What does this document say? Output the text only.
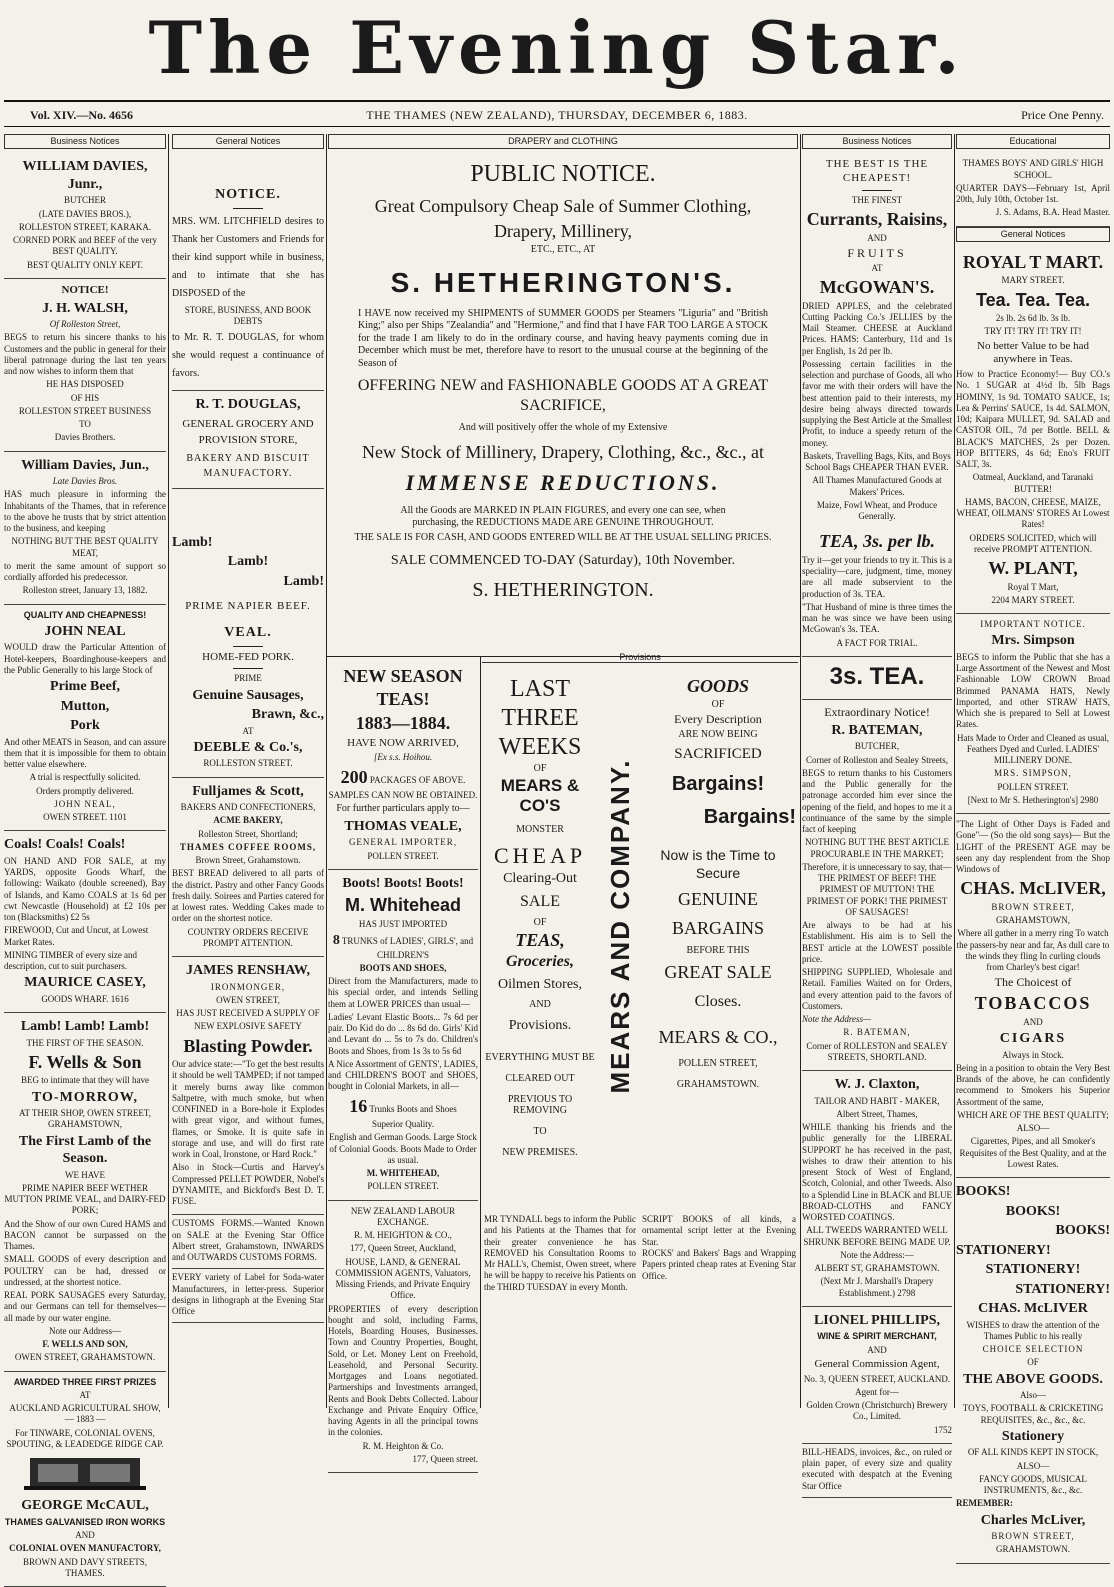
The Evening Star.
Vol. XIV.—No. 4656	THE THAMES (NEW ZEALAND), THURSDAY, DECEMBER 6, 1883.	Price One Penny.
Business Notices

WILLIAM DAVIES, Junr.,

BUTCHER

(LATE DAVIES BROS.),

ROLLESTON STREET, KARAKA.

CORNED PORK and BEEF of the very BEST QUALITY.

BEST QUALITY ONLY KEPT.

NOTICE!

J. H. WALSH,

Of Rolleston Street,

BEGS to return his sincere thanks to his Customers and the public in general for their liberal patronage during the last ten years and now wishes to inform them that

HE HAS DISPOSED

OF HIS

ROLLESTON STREET BUSINESS

TO

Davies Brothers.

William Davies, Jun.,

Late Davies Bros.

HAS much pleasure in informing the Inhabitants of the Thames, that in reference to the above he trusts that by strict attention to the business, and keeping

NOTHING BUT THE BEST QUALITY MEAT,

to merit the same amount of support so cordially afforded his predecessor.

Rolleston street, January 13, 1882.

QUALITY AND CHEAPNESS!

JOHN NEAL

WOULD draw the Particular Attention of Hotel-keepers, Boardinghouse-keepers and the Public Generally to his large Stock of

Prime Beef,

Mutton,

Pork

And other MEATS in Season, and can assure them that it is impossible for them to obtain better value elsewhere.

A trial is respectfully solicited.

Orders promptly delivered.

JOHN NEAL,

OWEN STREET. 1101

Coals! Coals! Coals!

ON HAND AND FOR SALE, at my YARDS, opposite Goods Wharf, the following: Waikato (double screened), Bay of Islands, and Kamo COALS at 1s 6d per cwt Newcastle (Household) at £2 10s per ton (Blacksmiths) £2 5s

FIREWOOD, Cut and Uncut, at Lowest Market Rates.

MINING TIMBER of every size and description, cut to suit purchasers.

MAURICE CASEY,

GOODS WHARF. 1616

Lamb! Lamb! Lamb!

THE FIRST OF THE SEASON.

F. Wells & Son

BEG to intimate that they will have

TO-MORROW,

AT THEIR SHOP, OWEN STREET, GRAHAMSTOWN,

The First Lamb of the Season.

WE HAVE

PRIME NAPIER BEEF WETHER MUTTON PRIME VEAL, and DAIRY-FED PORK;

And the Show of our own Cured HAMS and BACON cannot be surpassed on the Thames.

SMALL GOODS of every description and POULTRY can be had, dressed or undressed, at the shortest notice.

REAL PORK SAUSAGES every Saturday, and our Germans can tell for themselves—all made by our water engine.

Note our Address—

F. WELLS AND SON,

OWEN STREET, GRAHAMSTOWN.

AWARDED THREE FIRST PRIZES

AT

AUCKLAND AGRICULTURAL SHOW, — 1883 —

For TINWARE, COLONIAL OVENS, SPOUTING, & LEADEDGE RIDGE CAP.

GEORGE McCAUL,

THAMES GALVANISED IRON WORKS

AND

COLONIAL OVEN MANUFACTORY,

BROWN AND DAVY STREETS, THAMES.

General Notices

NOTICE.

MRS. WM. LITCHFIELD desires to Thank her Customers and Friends for their kind support while in business, and to intimate that she has DISPOSED of the

STORE, BUSINESS, AND BOOK DEBTS

to Mr. R. T. DOUGLAS, for whom she would request a continuance of favors.

R. T. DOUGLAS,

GENERAL GROCERY AND PROVISION STORE,

BAKERY AND BISCUIT MANUFACTORY.

Lamb!

Lamb!

Lamb!

PRIME NAPIER BEEF.

VEAL.

HOME-FED PORK.

PRIME

Genuine Sausages,

Brawn, &c.,

AT

DEEBLE & Co.'s,

ROLLESTON STREET.

Fulljames & Scott,

BAKERS AND CONFECTIONERS,

ACME BAKERY,

Rolleston Street, Shortland;

THAMES COFFEE ROOMS,

Brown Street, Grahamstown.

BEST BREAD delivered to all parts of the district. Pastry and other Fancy Goods fresh daily. Soirees and Parties catered for at lowest rates. Wedding Cakes made to order on the shortest notice.

COUNTRY ORDERS RECEIVE PROMPT ATTENTION.

JAMES RENSHAW,

IRONMONGER,

OWEN STREET,

HAS JUST RECEIVED A SUPPLY OF

NEW EXPLOSIVE SAFETY

Blasting Powder.

Our advice state:—"To get the best results it should be well TAMPED; if not tamped it merely burns away like common Saltpetre, with much smoke, but when CONFINED in a Bore-hole it Explodes with great vigor, and without fumes, flames, or Smoke. It is quite safe in storage and use, and will do first rate work in Coal, Ironstone, or Hard Rock."

Also in Stock—Curtis and Harvey's Compressed PELLET POWDER, Nobel's DYNAMITE, and Bickford's Best D. T. FUSE.

CUSTOMS FORMS.—Wanted Known on SALE at the Evening Star Office Albert street, Grahamstown, INWARDS and OUTWARDS CUSTOMS FORMS.
EVERY variety of Label for Soda-water Manufacturers, in letter-press. Superior designs in lithograph at the Evening Star Office
DRAPERY and CLOTHING

PUBLIC NOTICE.

Great Compulsory Cheap Sale of Summer Clothing,

Drapery, Millinery,

ETC., ETC., AT

S. HETHERINGTON'S.

I HAVE now received my SHIPMENTS of SUMMER GOODS per Steamers "Liguria" and "British King;" also per Ships "Zealandia" and "Hermione," and find that I have FAR TOO LARGE A STOCK for the trade I am likely to do in the ordinary course, and having heavy payments coming due in December which must be met, therefore have to resort to the unusual course at the beginning of the Season of

OFFERING NEW and FASHIONABLE GOODS AT A GREAT SACRIFICE,

And will positively offer the whole of my Extensive

New Stock of Millinery, Drapery, Clothing, &c., &c., at

IMMENSE REDUCTIONS.

All the Goods are MARKED IN PLAIN FIGURES, and every one can see, when purchasing, the REDUCTIONS MADE ARE GENUINE THROUGHOUT.

THE SALE IS FOR CASH, AND GOODS ENTERED WILL BE AT THE USUAL SELLING PRICES.

SALE COMMENCED TO-DAY (Saturday), 10th November.

S. HETHERINGTON.

NEW SEASON TEAS!

1883—1884.

HAVE NOW ARRIVED,

[Ex s.s. Hoihou.

200 PACKAGES OF ABOVE.

SAMPLES CAN NOW BE OBTAINED.

For further particulars apply to—

THOMAS VEALE,

GENERAL IMPORTER,

POLLEN STREET.

Boots! Boots! Boots!

M. Whitehead

HAS JUST IMPORTED

8 TRUNKS of LADIES', GIRLS', and CHILDREN'S

BOOTS AND SHOES,

Direct from the Manufacturers, made to his special order, and intends Selling them at LOWER PRICES than usual—

Ladies' Levant Elastic Boots... 7s 6d per pair. Do Kid do do ... 8s 6d do. Girls' Kid and Levant do ... 5s to 7s do. Children's Boots and Shoes, from 1s 3s to 5s 6d

A Nice Assortment of GENTS', LADIES, and CHILDREN'S BOOT and SHOES, bought in Colonial Markets, in all—

16 Trunks Boots and Shoes

Superior Quality.

English and German Goods. Large Stock of Colonial Goods. Boots Made to Order as usual.

M. WHITEHEAD,

POLLEN STREET.

NEW ZEALAND LABOUR EXCHANGE.

R. M. HEIGHTON & CO.,

177, Queen Street, Auckland,

HOUSE, LAND, & GENERAL COMMISSION AGENTS, Valuators, Missing Friends, and Private Enquiry Office.

PROPERTIES of every description bought and sold, including Farms, Hotels, Boarding Houses, Businesses. Town and Country Properties, Bought, Sold, or Let. Money Lent on Freehold, Leasehold, and Personal Security. Mortgages and Loans negotiated. Partnerships and Investments arranged, Rents and Book Debts Collected. Labour Exchange and Private Enquiry Office, having Agents in all the principal towns in the colonies.

R. M. Heighton & Co.

177, Queen street.

Provisions

LAST

THREE

WEEKS

OF

MEARS & CO'S

MONSTER

CHEAP

Clearing-Out

SALE

OF

TEAS,

Groceries,

Oilmen Stores,

AND

Provisions.

EVERYTHING MUST BE

CLEARED OUT

PREVIOUS TO REMOVING

TO

NEW PREMISES.

MEARS AND COMPANY.

GOODS

OF

Every Description

ARE NOW BEING

SACRIFICED

Bargains!

Bargains!

Now is the Time to

Secure

GENUINE

BARGAINS

BEFORE THIS

GREAT SALE

Closes.

MEARS & CO.,

POLLEN STREET,

GRAHAMSTOWN.

MR TYNDALL begs to inform the Public and his Patients at the Thames that for their greater convenience he has REMOVED his Consultation Rooms to Mr HALL's, Chemist, Owen street, where he will be happy to receive his Patients on the THIRD TUESDAY in every Month.
SCRIPT BOOKS of all kinds, a ornamental script letter at the Evening Star.
ROCKS' and Bakers' Bags and Wrapping Papers printed cheap rates at Evening Star Office.
Business Notices

THE BEST IS THE CHEAPEST!

THE FINEST

Currants, Raisins,

AND

FRUITS

AT

McGOWAN'S.

DRIED APPLES, and the celebrated Cutting Packing Co.'s JELLIES by the Mail Steamer. CHEESE at Auckland Prices. HAMS: Canterbury, 11d and 1s per English, 1s 2d per lb.

Possessing certain facilities in the selection and purchase of Goods, all who favor me with their orders will have the best attention paid to their interests, my desire being always directed towards supplying the Best Article at the Smallest Profit, to induce a speedy return of the money.

Baskets, Travelling Bags, Kits, and Boys School Bags CHEAPER THAN EVER.

All Thames Manufactured Goods at Makers' Prices.

Maize, Fowl Wheat, and Produce Generally.

TEA, 3s. per lb.

Try it—get your friends to try it. This is a speciality—care, judgment, time, money are all made subservient to the production of 3s. TEA.

"That Husband of mine is three times the man he was since we have been using McGowan's 3s. TEA.

A FACT FOR TRIAL.

3s. TEA.

Extraordinary Notice!

R. BATEMAN,

BUTCHER,

Corner of Rolleston and Sealey Streets,

BEGS to return thanks to his Customers and the Public generally for the patronage accorded him ever since the opening of the field, and hopes to me it a continuance of the same by the simple fact of keeping

NOTHING BUT THE BEST ARTICLE PROCURABLE IN THE MARKET;

Therefore, it is unnecessary to say, that— THE PRIMEST OF BEEF! THE PRIMEST OF MUTTON! THE PRIMEST OF PORK! THE PRIMEST OF SAUSAGES!

Are always to be had at his Establishment. His aim is to Sell the BEST article at the LOWEST possible price.

SHIPPING SUPPLIED, Wholesale and Retail. Families Waited on for Orders, and every attention paid to the favors of Customers.

Note the Address—

R. BATEMAN,

Corner of ROLLESTON and SEALEY STREETS, SHORTLAND.

W. J. Claxton,

TAILOR AND HABIT - MAKER,

Albert Street, Thames,

WHILE thanking his friends and the public generally for the LIBERAL SUPPORT he has received in the past, wishes to draw their attention to his present Stock of West of England, Scotch, Colonial, and other Tweeds. Also to a Splendid Line in BLACK and BLUE BROAD-CLOTHS and FANCY WORSTED COATINGS.

ALL TWEEDS WARRANTED WELL SHRUNK BEFORE BEING MADE UP.

Note the Address:—

ALBERT ST, GRAHAMSTOWN.

(Next Mr J. Marshall's Drapery Establishment.) 2798

LIONEL PHILLIPS,

WINE & SPIRIT MERCHANT,

AND

General Commission Agent,

No. 3, QUEEN STREET, AUCKLAND.

Agent for—

Golden Crown (Christchurch) Brewery Co., Limited.

1752

BILL-HEADS, invoices, &c., on ruled or plain paper, of every size and quality executed with despatch at the Evening Star Office
Educational

THAMES BOYS' AND GIRLS' HIGH SCHOOL.

QUARTER DAYS—February 1st, April 20th, July 10th, October 1st.

J. S. Adams, B.A. Head Master.

General Notices

ROYAL T MART.

MARY STREET.

Tea. Tea. Tea.

2s lb. 2s 6d lb. 3s lb.

TRY IT! TRY IT! TRY IT!

No better Value to be had anywhere in Teas.

How to Practice Economy!— Buy CO.'s No. 1 SUGAR at 4½d lb. 5lb Bags HOMINY, 1s 9d. TOMATO SAUCE, 1s; Lea & Perrins' SAUCE, 1s 4d. SALMON, 10d; Kaipara MULLET, 9d. SALAD and CASTOR OIL, 7d per Bottle. BELL & BLACK'S MATCHES, 2s per Dozen. HOP BITTERS, 4s 6d; Eno's FRUIT SALT, 3s.

Oatmeal, Auckland, and Taranaki BUTTER!

HAMS, BACON, CHEESE, MAIZE, WHEAT, OILMANS' STORES At Lowest Rates!

ORDERS SOLICITED, which will receive PROMPT ATTENTION.

W. PLANT,

Royal T Mart,

2204 MARY STREET.

IMPORTANT NOTICE.

Mrs. Simpson

BEGS to inform the Public that she has a Large Assortment of the Newest and Most Fashionable LOW CROWN Broad Brimmed PANAMA HATS, Newly Imported, and other STRAW HATS, Which she is prepared to Sell at Lowest Rates.

Hats Made to Order and Cleaned as usual, Feathers Dyed and Curled. LADIES' MILLINERY DONE.

MRS. SIMPSON,

POLLEN STREET.

[Next to Mr S. Hetherington's] 2980

"The Light of Other Days is Faded and Gone"— (So the old song says)— But the LIGHT of the PRESENT AGE may be seen any day resplendent from the Shop Windows of

CHAS. McLIVER,

BROWN STREET,

GRAHAMSTOWN,

Where all gather in a merry ring To watch the passers-by near and far, As dull care to the winds they fling In curling clouds from Charley's best cigar!

The Choicest of

TOBACCOS

AND

CIGARS

Always in Stock.

Being in a position to obtain the Very Best Brands of the above, he can confidently recommend to Smokers his Superior Assortment of the same,

WHICH ARE OF THE BEST QUALITY;

ALSO—

Cigarettes, Pipes, and all Smoker's Requisites of the Best Quality, and at the Lowest Rates.

BOOKS!

BOOKS!

BOOKS!

STATIONERY!

STATIONERY!

STATIONERY!

CHAS. McLIVER

WISHES to draw the attention of the Thames Public to his really

CHOICE SELECTION

OF

THE ABOVE GOODS.

Also—

TOYS, FOOTBALL & CRICKETING REQUISITES, &c., &c., &c.

Stationery

OF ALL KINDS KEPT IN STOCK,

ALSO—

FANCY GOODS, MUSICAL INSTRUMENTS, &c., &c.

REMEMBER:

Charles McLiver,

BROWN STREET,

GRAHAMSTOWN.
